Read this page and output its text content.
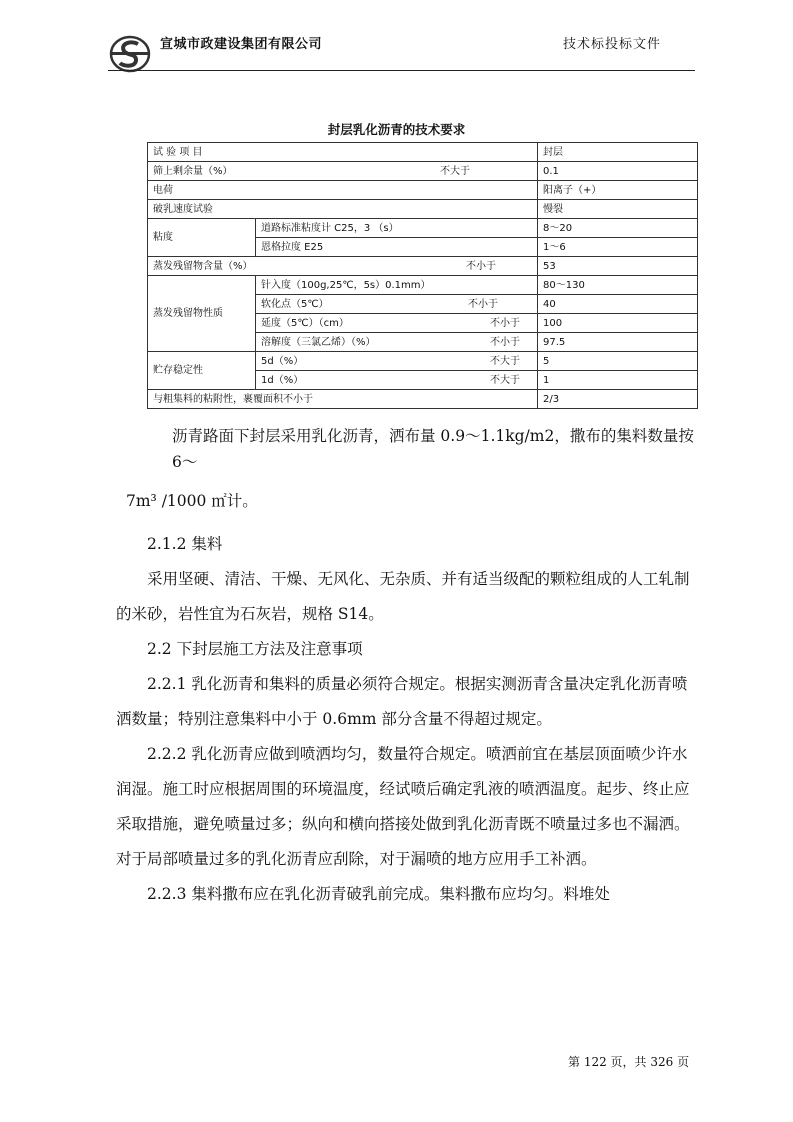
宣城市政建设集团有限公司	技术标投标文件
封层乳化沥青的技术要求
试 验 项 目		封层

筛上剩余量（%） 不大于		0.1
电荷		阳离子（+）
破乳速度试验		慢裂
粘度	道路标准粘度计 C25，3 （s）	8～20
	恩格拉度 E25	1～6

蒸发残留物含量（%） 不小于		53
蒸发残留物性质	针入度（100g,25℃，5s）0.1mm）	80～130

	软化点（5℃） 不小于	40

	延度（5℃）（cm） 不小于	100

	溶解度（三氯乙烯）（%） 不小于	97.5
贮存稳定性	5d（%） 不大于	5

	1d（%） 不大于	1
与粗集料的粘附性，裹覆面积不小于		2/3
沥青路面下封层采用乳化沥青，洒布量 0.9～1.1kg/m2，撒布的集料数量按 6～
7m³ /1000 ㎡计。

2.1.2 集料

采用坚硬、清洁、干燥、无风化、无杂质、并有适当级配的颗粒组成的人工轧制的米砂，岩性宜为石灰岩，规格 S14。

2.2 下封层施工方法及注意事项

2.2.1 乳化沥青和集料的质量必须符合规定。根据实测沥青含量决定乳化沥青喷洒数量；特别注意集料中小于 0.6mm 部分含量不得超过规定。

2.2.2 乳化沥青应做到喷洒均匀，数量符合规定。喷洒前宜在基层顶面喷少许水润湿。施工时应根据周围的环境温度，经试喷后确定乳液的喷洒温度。起步、终止应采取措施，避免喷量过多；纵向和横向搭接处做到乳化沥青既不喷量过多也不漏洒。对于局部喷量过多的乳化沥青应刮除，对于漏喷的地方应用手工补洒。

2.2.3 集料撒布应在乳化沥青破乳前完成。集料撒布应均匀。料堆处

第 122 页，共 326 页
